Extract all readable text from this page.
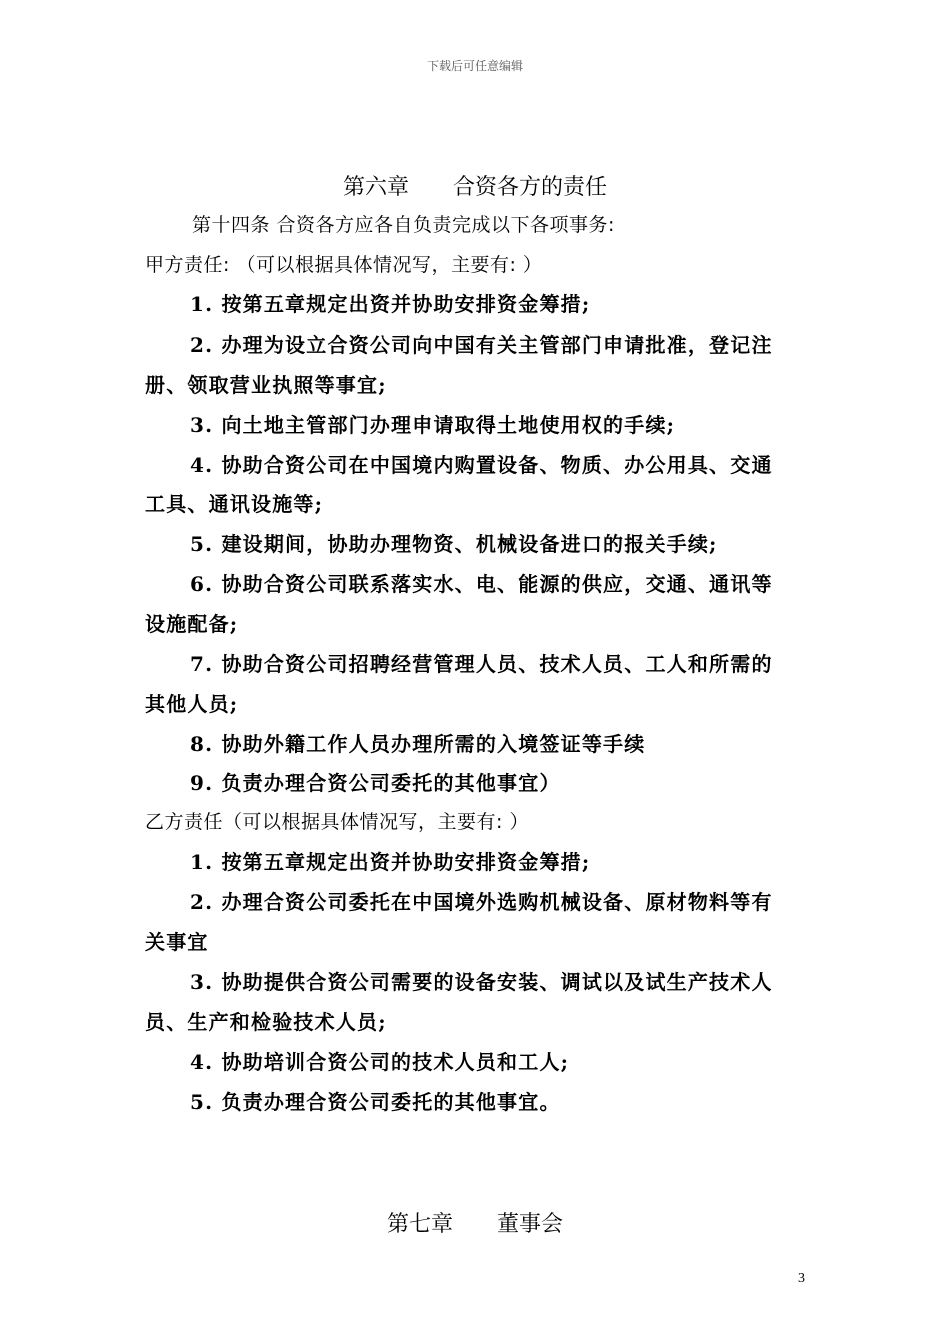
下载后可任意编辑
第六章　　合资各方的责任
第十四条 合资各方应各自负责完成以下各项事务:
甲方责任: （可以根据具体情况写，主要有: ）
1. 按第五章规定出资并协助安排资金筹措;
2. 办理为设立合资公司向中国有关主管部门申请批准，登记注
册、领取营业执照等事宜;
3. 向土地主管部门办理申请取得土地使用权的手续;
4. 协助合资公司在中国境内购置设备、物质、办公用具、交通
工具、通讯设施等;
5. 建设期间，协助办理物资、机械设备进口的报关手续;
6. 协助合资公司联系落实水、电、能源的供应，交通、通讯等
设施配备;
7. 协助合资公司招聘经营管理人员、技术人员、工人和所需的
其他人员;
8. 协助外籍工作人员办理所需的入境签证等手续
9. 负责办理合资公司委托的其他事宜）
乙方责任（可以根据具体情况写，主要有: ）
1. 按第五章规定出资并协助安排资金筹措;
2. 办理合资公司委托在中国境外选购机械设备、原材物料等有
关事宜
3. 协助提供合资公司需要的设备安装、调试以及试生产技术人
员、生产和检验技术人员;
4. 协助培训合资公司的技术人员和工人;
5. 负责办理合资公司委托的其他事宜。
第七章　　董事会
3
